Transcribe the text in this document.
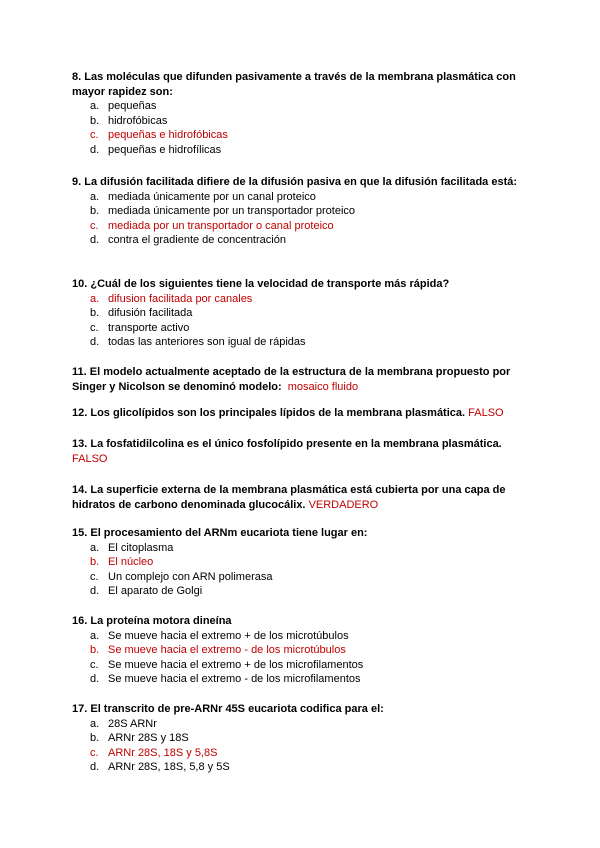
8. Las moléculas que difunden pasivamente a través de la membrana plasmática con mayor rapidez son:
a. pequeñas
b. hidrofóbicas
c. pequeñas e hidrofóbicas
d. pequeñas e hidrofílicas
9. La difusión facilitada difiere de la difusión pasiva en que la difusión facilitada está:
a. mediada únicamente por un canal proteico
b. mediada únicamente por un transportador proteico
c. mediada por un transportador o canal proteico
d. contra el gradiente de concentración
10. ¿Cuál de los siguientes tiene la velocidad de transporte más rápida?
a. difusion facilitada por canales
b. difusión facilitada
c. transporte activo
d. todas las anteriores son igual de rápidas
11. El modelo actualmente aceptado de la estructura de la membrana propuesto por Singer y Nicolson se denominó modelo: mosaico fluido
12. Los glicolípidos son los principales lípidos de la membrana plasmática. FALSO
13. La fosfatidilcolina es el único fosfolípido presente en la membrana plasmática.
FALSO
14. La superficie externa de la membrana plasmática está cubierta por una capa de hidratos de carbono denominada glucocálix. VERDADERO
15. El procesamiento del ARNm eucariota tiene lugar en:
a. El citoplasma
b. El núcleo
c. Un complejo con ARN polimerasa
d. El aparato de Golgi
16. La proteína motora dineína
a. Se mueve hacia el extremo + de los microtúbulos
b. Se mueve hacia el extremo - de los microtúbulos
c. Se mueve hacia el extremo + de los microfilamentos
d. Se mueve hacia el extremo - de los microfilamentos
17. El transcrito de pre-ARNr 45S eucariota codifica para el:
a. 28S ARNr
b. ARNr 28S y 18S
c. ARNr 28S, 18S y 5,8S
d. ARNr 28S, 18S, 5,8 y 5S
